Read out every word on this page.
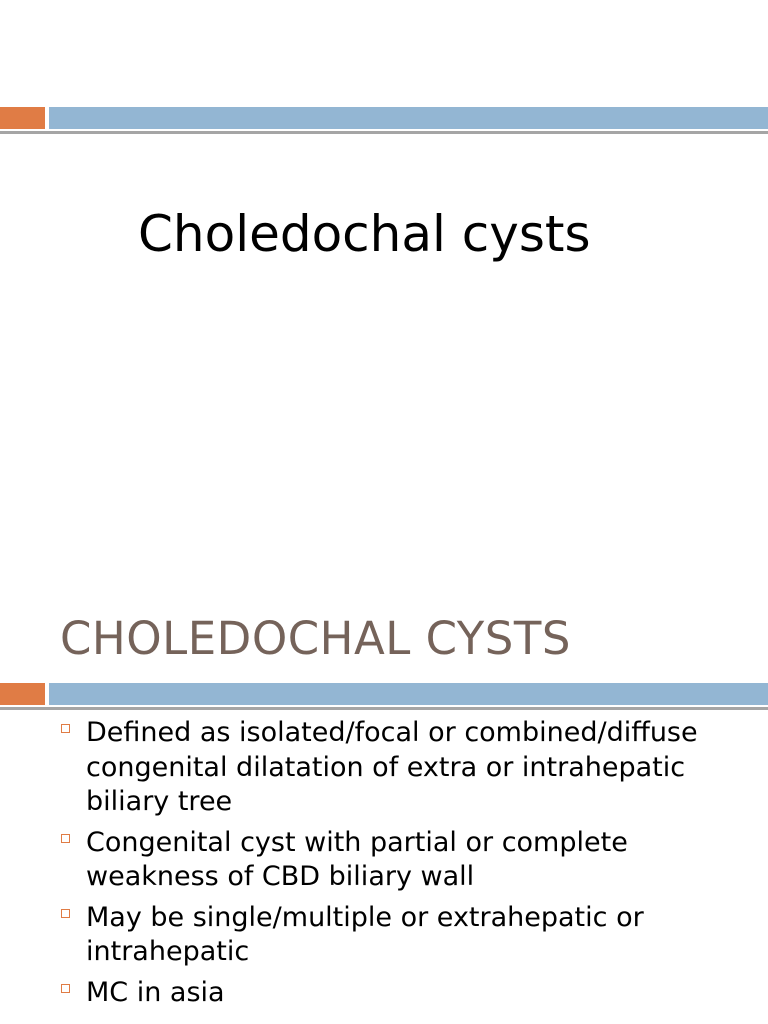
Choledochal cysts
CHOLEDOCHAL CYSTS
Defined as isolated/focal or combined/diffuse congenital dilatation of extra or intrahepatic biliary tree
Congenital cyst with partial or complete weakness of CBD biliary wall
May be single/multiple or extrahepatic or intrahepatic
MC in asia
